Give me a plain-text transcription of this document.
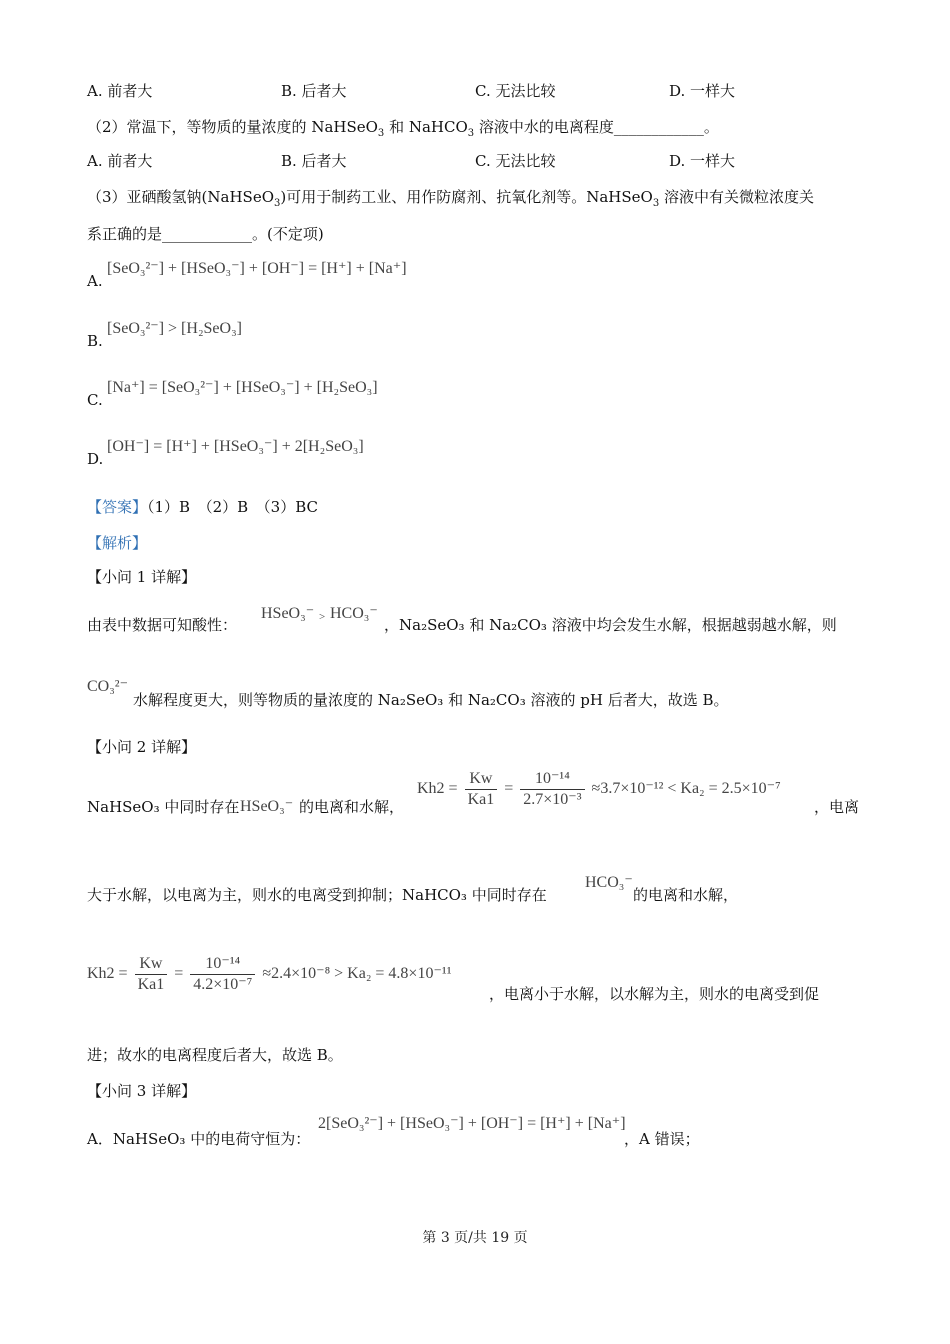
A. 前者大	B. 后者大	C. 无法比较	D. 一样大
（2）常温下，等物质的量浓度的 NaHSeO$_3$ 和 NaHCO$_3$ 溶液中水的电离程度____________。
A. 前者大	B. 后者大	C. 无法比较	D. 一样大
（3）亚硒酸氢钠(NaHSeO$_3$)可用于制药工业、用作防腐剂、抗氧化剂等。NaHSeO$_3$ 溶液中有关微粒浓度关
系正确的是____________。(不定项)
A.
[SeO₃²⁻] + [HSeO₃⁻] + [OH⁻] = [H⁺] + [Na⁺]
B.
[SeO₃²⁻] > [H₂SeO₃]
C.
[Na⁺] = [SeO₃²⁻] + [HSeO₃⁻] + [H₂SeO₃]
D.
[OH⁻] = [H⁺] + [HSeO₃⁻] + 2[H₂SeO₃]
【答案】（1）B　（2）B　（3）BC
【解析】
【小问 1 详解】
由表中数据可知酸性：
HSeO₃⁻ > HCO₃⁻
，Na₂SeO₃ 和 Na₂CO₃ 溶液中均会发生水解，根据越弱越水解，则
CO₃²⁻
水解程度更大，则等物质的量浓度的 Na₂SeO₃ 和 Na₂CO₃ 溶液的 pH 后者大，故选 B。
【小问 2 详解】
NaHSeO₃ 中同时存在 HSeO₃⁻ 的电离和水解，
$Kh2 = \frac{Kw}{Ka1} = \frac{\text{10⁻¹⁴}}{\text{2.7×10⁻³}} \approx 3.7\times 10^{-12} < Ka_2 = 2.5\times 10^{-7}$
，电离
大于水解，以电离为主，则水的电离受到抑制；NaHCO₃ 中同时存在
HCO₃⁻
的电离和水解，
$Kh2 = \frac{Kw}{Ka1} = \frac{\text{10⁻¹⁴}}{\text{4.2×10⁻⁷}} \approx 2.4\times 10^{-8} > Ka_2 = 4.8\times 10^{-11}$
，电离小于水解，以水解为主，则水的电离受到促
进；故水的电离程度后者大，故选 B。
【小问 3 详解】
A．NaHSeO₃ 中的电荷守恒为：
2[SeO₃²⁻] + [HSeO₃⁻] + [OH⁻] = [H⁺] + [Na⁺]
，A 错误；
第 3 页/共 19 页
